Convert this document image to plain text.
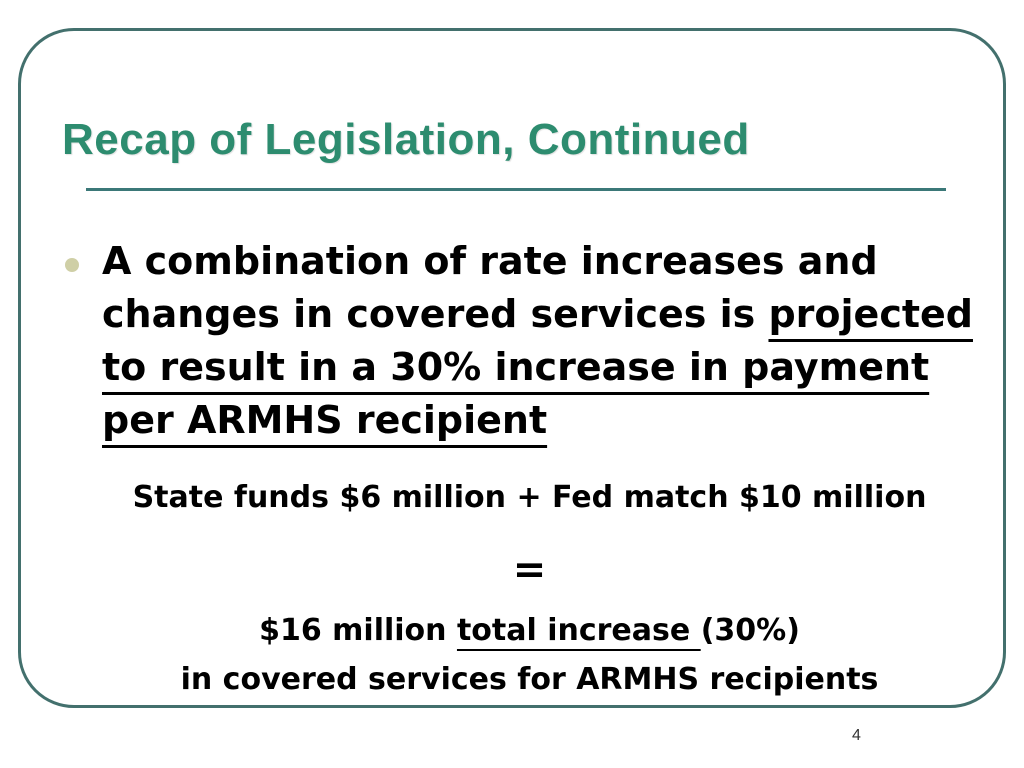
Recap of Legislation, Continued
A combination of rate increases and changes in covered services is projected to result in a 30% increase in payment per ARMHS recipient
State funds $6 million + Fed match $10 million
=
$16 million total increase (30%)
in covered services for ARMHS recipients
4
